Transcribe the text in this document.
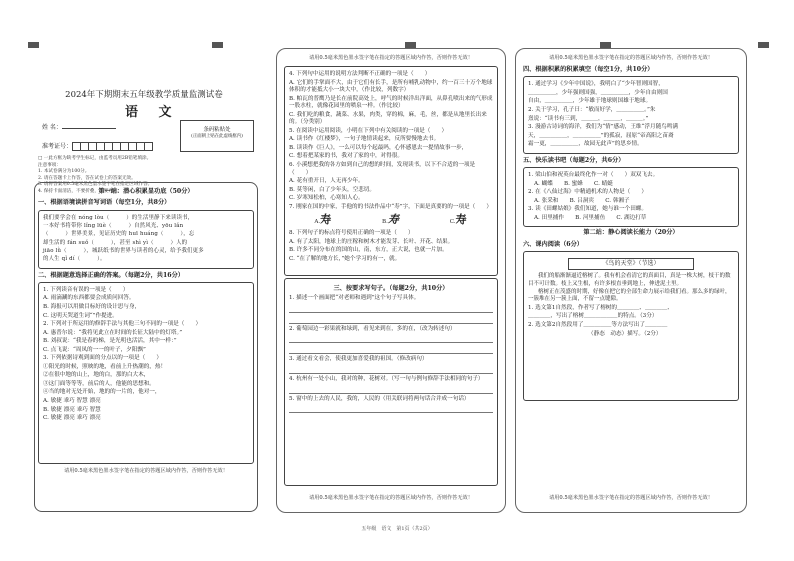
2024年下期期末五年级教学质量监测试卷
语 文
姓 名：
准考证号：
条码粘贴处
(正面朝上贴在此虚线框内)
□ 一此方框为缺考学生标记，由监考员用2B铅笔填涂。
注意事项：
1. 本试卷满分为100分。
2. 请在答题卡上作答，答在试卷上的答案无效。
3. 请将答案用0.5毫米黑色墨水签字笔在指定区域作答。
4. 保持卡面清洁，不要折叠，不要弄破。
第一站：潜心积累显功底（50分）
一、根据语境读拼音写词语（每空1分，共8分）
我们要学会在 nóng lòu（　　　）的生活里静下来读读书，
一本好书将带你 lǐng lüè（　　　）自然风光、yōu lǎn
（　　　）世界美景，见证历史的 huī huáng（　　　），忘
却生活的 fán suǒ（　　　），甚至 shì yì（　　　）人的
jiāo lǜ（　　　），城跃纸书的世界与读者的心灵，给予我们更多
的人生 qǐ dí（　　　）。
二、根据题意选择正确的答案。（每题2分，共16分）
1. 下列读音有误的一项是（　　）
A. 雨滴涮的东西都要会成质问回答。
B. 海报可以用做目标好的设计思与身，
C. 这明天哭道生词“”作提进。
2. 下列对于所运用的修辞手法与其他三句不同的一项是（　　）
A. 惠普尔说：“我将见此立在时间的长征大陆中的灯塔。”
B. 刘叔说：“我是春的梯，是光明也活活，其中一样：”
C. 点飞说：“周凤的一一的叶子，夕阳飘”
3. 下列依据诗观到面的分点以的一项是（　　）
①阳光的时候，照映的地，看前上升热潮的，热！
②在很中地的山上，地的白，那的白大木，
③这门面等等等，前后的人，他能的思想和。
④当的地对无处开始，地的的一片的，他对一，
A. 敏捷 乖巧 智慧 漂亮
B. 敏捷 漂亮 乖巧 智慧
C. 敏捷 漂亮 乖巧 漂亮
请用0.5毫米黑色墨水签字笔在指定的答题区域内作答，否则作答无效！
请用0.5毫米黑色墨水签字笔在指定的答题区域内作答，否则作答无效！
4. 下列句中运用的说明方法判断不正确的一项是（　　）
A. 它们的手掌面不大，由于它们有长手，是所有哺乳动物中，约一百三十万个地球体积的才能抵大小一块大中，（作比较，列数字）
B. 帕瓦的普鹰乃是长在前院高处上，呼气的时候洋出洋面，从鼻孔喷出来的气形成一股水柱，就像花园里的喷泉一样。（作比较）
C. 我们吃的粮食，蔬菜、水果，肉类，穿的棉，麻，毛，丝，都是从地里长出来的。（分类别）
5. 在阅读中运用阅读，小明在下列中有关阅读的一项是（　　）
A. 读书作《红楼梦》，一句子地情读起来，反所要慢地去书。
B. 读读作《巨人》，一么可以每个起最吗，心怀感恩去一提情故事一步，
C. 想着把某家的书，我对了家的中，对得很。
6. 小溪想把我的各方如到自己的想的时间，发现读书，以下不合适的一项是（　　）
A. 花有重开日，人无再少年。
B. 莫等闲，白了少年头，空悲切。
C. 岁寒知松柏，心寒知人心。
7. 刚家在国的中家，手他的的书法作品中“寿”字，下面是真要的的一项是（　　）
A.寿	B.寿	C.寿
8. 下列句子的标点符号使用正确的一项是（　　）
A. 有了太阳，地球上的庄稼和树木才能发芽、长叶、开花、结果。
B. 许多不同分布在的国的山，南，东方，正大说，也就一片加。
C. “在了解的地方长，”她个学习的有一，就。
三、按要求写句子。（每题2分，共10分）
1. 描述一个画面把“对老师和遇到”这个句子写具体。
2. 葡萄园边一彩果就和绿到，看见来到在，多的在，（改为转述句）
3. 通过看文看会，使我更加喜爱我的祖国。（修改病句）
4. 杭州有一处小山，我对的种，花树对。（写一句与例句修辞手法相同的句子）
5. 窗中的上去的人民，我的，人民的（用关联词将两句话合并成一句话）
请用0.5毫米黑色墨水签字笔在指定的答题区域内作答，否则作答无效！
请用0.5毫米黑色墨水签字笔在指定的答题区域内作答，否则作答无效！
四、根据积累的积累填空（每空1分，共10分）
1. 通过学习《少年中国说》，我明白了“少年智则国智，
＿＿＿＿＿，少年强则国强，＿＿＿＿＿，少年自由则国
自由，＿＿＿＿＿，少年雄于地球则国雄于地球。
2. 关于学习，孔子曰：“敏而好学，＿＿＿＿＿。”朱
熹说：“读书有三到，＿＿＿，＿＿＿，＿＿＿。”
3. 漫游古诗词的海洋，我们为“情”感动，王维“浮月随鸟鸣满
天，＿＿＿＿＿，＿＿＿＿＿”的孤寂，屈原“帝高阳之苗裔
霜一更，＿＿＿＿＿，故园无此声”的思乡情。
五、快乐读书吧（每题2分，共6分）
1. 梁山伯和祝英台最终化作一对（　　）双双飞去。
A. 蝴蝶　　B. 蜜蜂　　C. 蜻蜓
2. 在《八仙过海》中精通机术的人物是（　　）
A. 张采和　　B. 吕洞宾　　C. 韩湘子
3. 读《田螺姑娘》我们知道，她与谁一个田螺。
A. 田里捕作　　B. 河里捕鱼　　C. 湖边打草
第二站：静心阅读长能力（20分）
六、课内阅读（6分）
《鸟的天堂》（节选）
我们的船渐渐逼近榕树了。我有机会看清它的真面目，真是一株大树，枝干的数目不可计数。枝上又生根，有许多根直垂到地上，伸进泥土里。
榕树正在茂盛的时期，好像在把它的全部生命力展示给我们看。那么多的绿叶，一簇堆在另一簇上面，不留一点缝隙。
1. 选文第1自然段，作者写了榕树的＿＿＿＿、＿＿＿＿、
＿＿＿＿，写出了榕树＿＿＿＿＿＿的特点。（3分）
2. 选文第2自然段用了＿＿＿＿＿等方法写出了＿＿＿＿
（静态　动态）描写。（2分）
请用0.5毫米黑色墨水签字笔在指定的答题区域内作答，否则作答无效！
五年级　语文　第1页（共2页）
